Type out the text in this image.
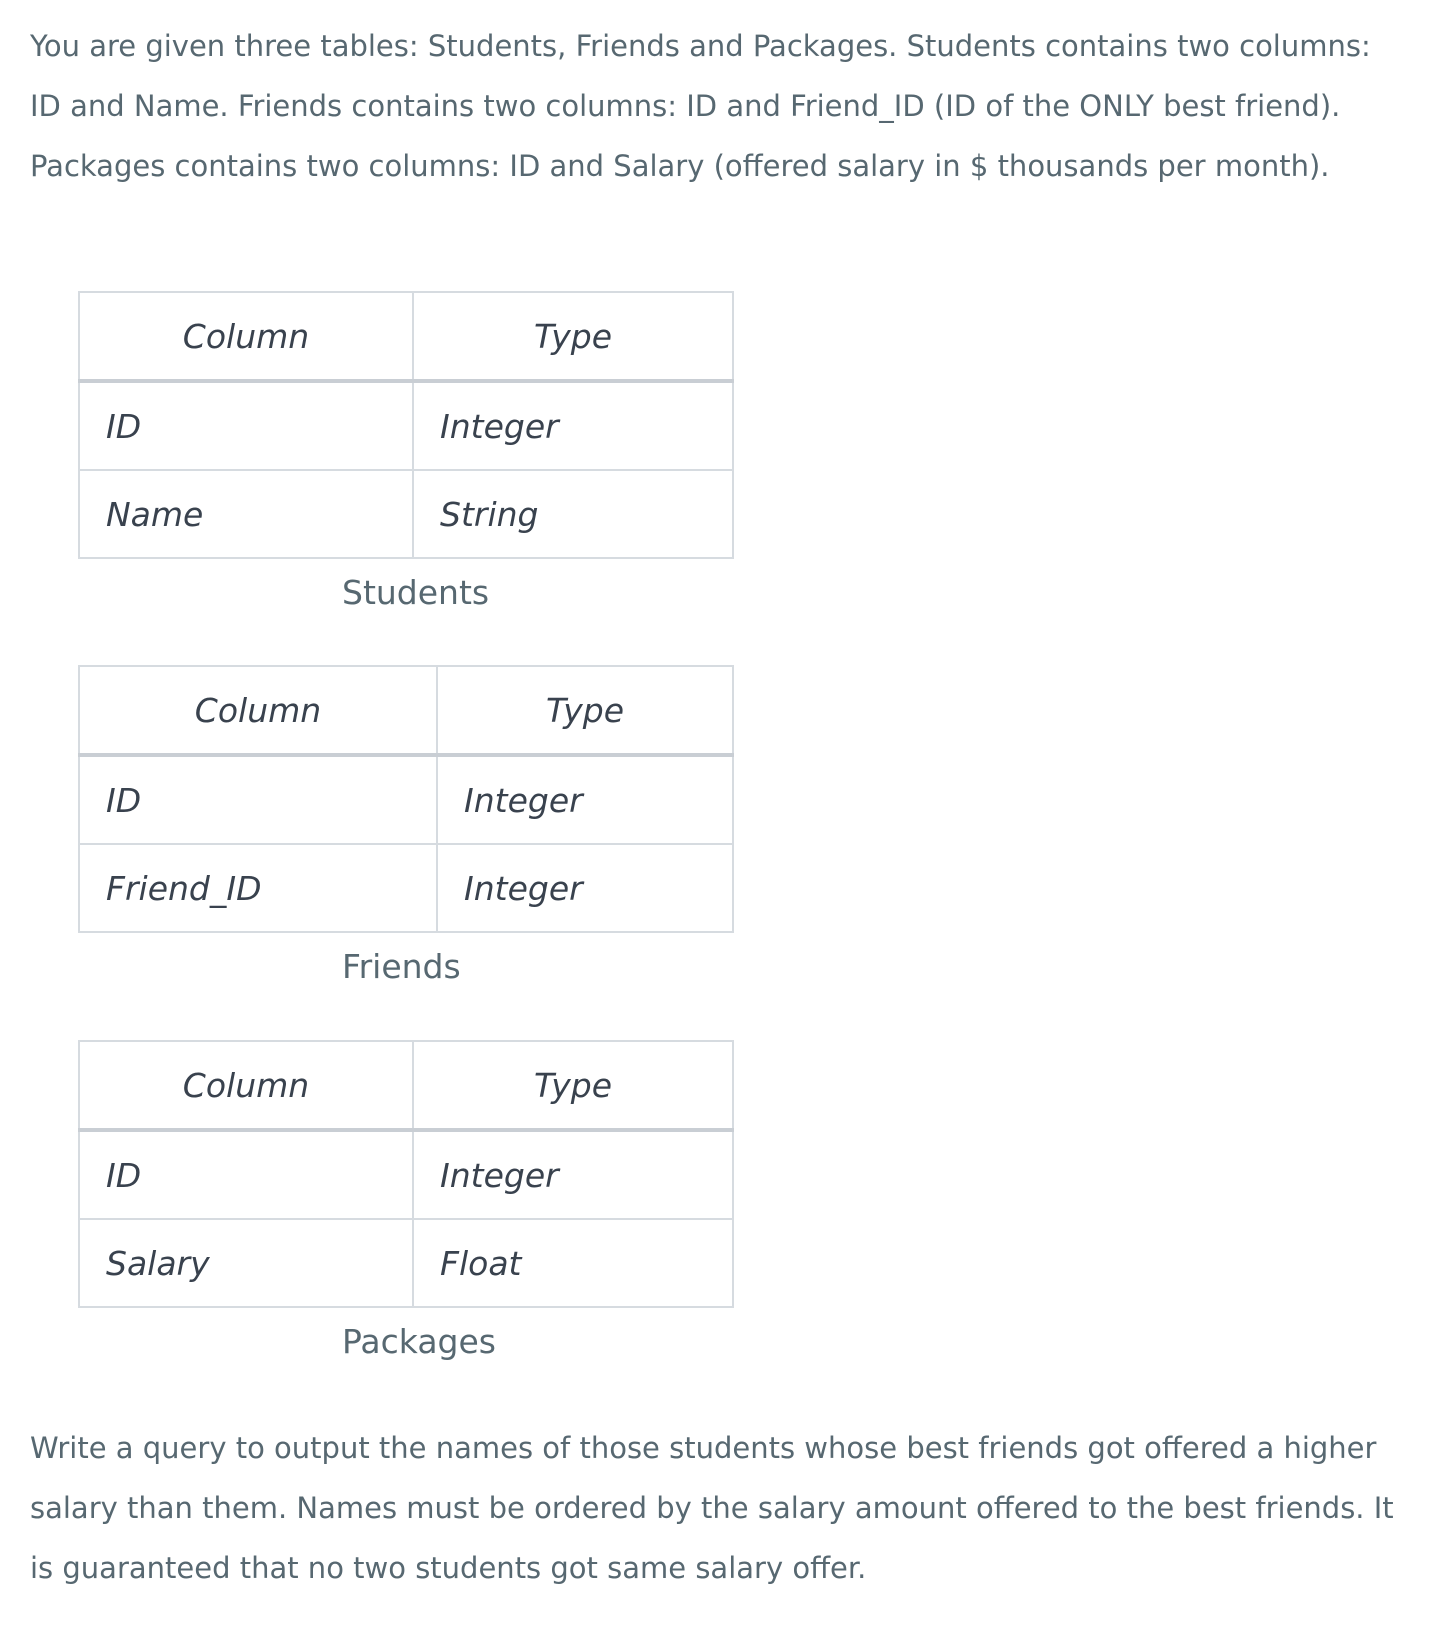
You are given three tables: Students, Friends and Packages. Students contains two columns:
ID and Name. Friends contains two columns: ID and Friend_ID (ID of the ONLY best friend).
Packages contains two columns: ID and Salary (offered salary in $ thousands per month).

Column	Type
ID	Integer
Name	String
Students
Column	Type
ID	Integer
Friend_ID	Integer
Friends
Column	Type
ID	Integer
Salary	Float
Packages

Write a query to output the names of those students whose best friends got offered a higher
salary than them. Names must be ordered by the salary amount offered to the best friends. It
is guaranteed that no two students got same salary offer.
